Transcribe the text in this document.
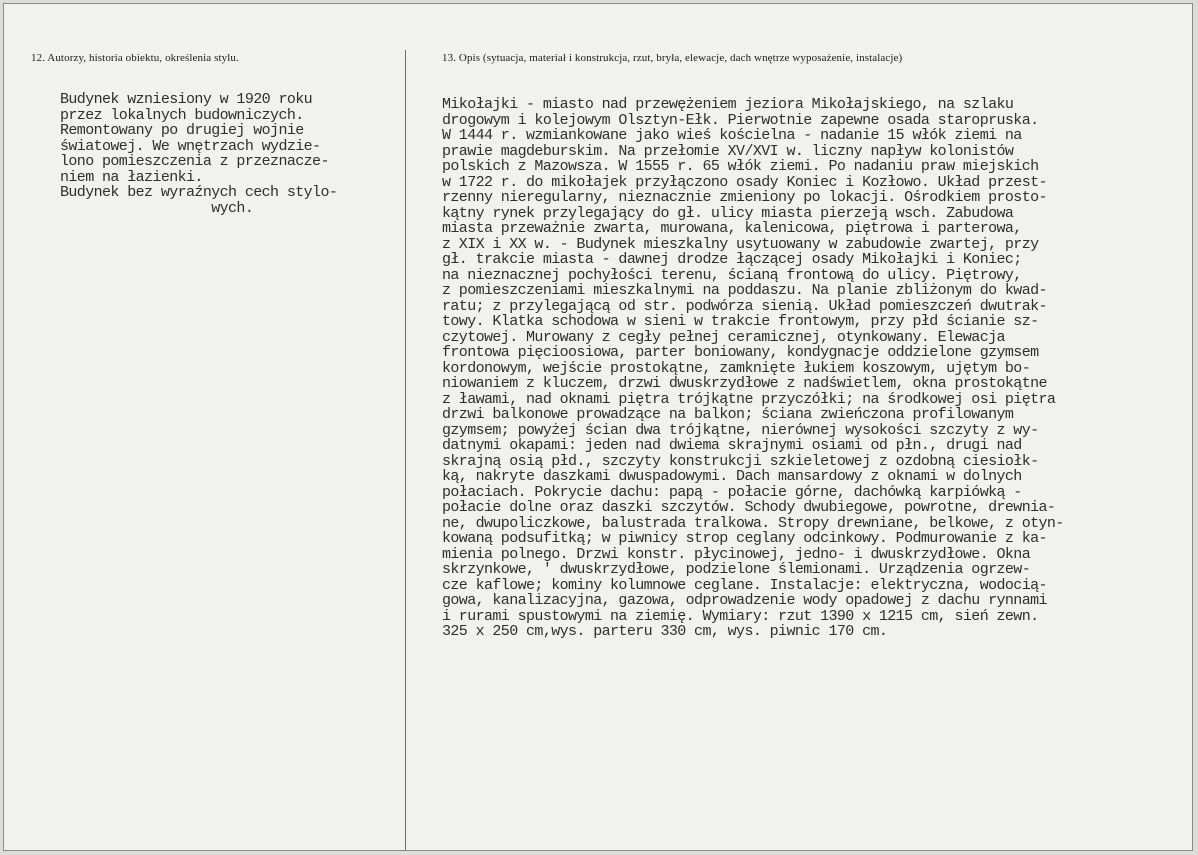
12. Autorzy, historia obiektu, określenia stylu.	13. Opis (sytuacja, materiał i konstrukcja, rzut, bryła, elewacje, dach wnętrze wyposażenie, instalacje)
Budynek wzniesiony w 1920 roku
przez lokalnych budowniczych.
Remontowany po drugiej wojnie
światowej. We wnętrzach wydzie-
lono pomieszczenia z przeznacze-
niem na łazienki.
Budynek bez wyraźnych cech stylo-
wych.
Mikołajki - miasto nad przewężeniem jeziora Mikołajskiego, na szlaku
drogowym i kolejowym Olsztyn-Ełk. Pierwotnie zapewne osada staropruska.
W 1444 r. wzmiankowane jako wieś kościelna - nadanie 15 włók ziemi na
prawie magdeburskim. Na przełomie XV/XVI w. liczny napływ kolonistów
polskich z Mazowsza. W 1555 r. 65 włók ziemi. Po nadaniu praw miejskich
w 1722 r. do mikołajek przyłączono osady Koniec i Kozłowo. Układ przest-
rzenny nieregularny, nieznacznie zmieniony po lokacji. Ośrodkiem prosto-
kątny rynek przylegający do gł. ulicy miasta pierzeją wsch. Zabudowa
miasta przeważnie zwarta, murowana, kalenicowa, piętrowa i parterowa,
z XIX i XX w. - Budynek mieszkalny usytuowany w zabudowie zwartej, przy
gł. trakcie miasta - dawnej drodze łączącej osady Mikołajki i Koniec;
na nieznacznej pochyłości terenu, ścianą frontową do ulicy. Piętrowy,
z pomieszczeniami mieszkalnymi na poddaszu. Na planie zbliżonym do kwad-
ratu; z przylegającą od str. podwórza sienią. Układ pomieszczeń dwutrak-
towy. Klatka schodowa w sieni w trakcie frontowym, przy płd ścianie sz-
czytowej. Murowany z cegły pełnej ceramicznej, otynkowany. Elewacja
frontowa pięcioosiowa, parter boniowany, kondygnacje oddzielone gzymsem
kordonowym, wejście prostokątne, zamknięte łukiem koszowym, ujętym bo-
niowaniem z kluczem, drzwi dwuskrzydłowe z nadświetlem, okna prostokątne
z ławami, nad oknami piętra trójkątne przyczółki; na środkowej osi piętra
drzwi balkonowe prowadzące na balkon; ściana zwieńczona profilowanym
gzymsem; powyżej ścian dwa trójkątne, nierównej wysokości szczyty z wy-
datnymi okapami: jeden nad dwiema skrajnymi osiami od płn., drugi nad
skrajną osią płd., szczyty konstrukcji szkieletowej z ozdobną ciesiołk-
ką, nakryte daszkami dwuspadowymi. Dach mansardowy z oknami w dolnych
połaciach. Pokrycie dachu: papą - połacie górne, dachówką karpiówką -
połacie dolne oraz daszki szczytów. Schody dwubiegowe, powrotne, drewnia-
ne, dwupoliczkowe, balustrada tralkowa. Stropy drewniane, belkowe, z otyn-
kowaną podsufitką; w piwnicy strop ceglany odcinkowy. Podmurowanie z ka-
mienia polnego. Drzwi konstr. płycinowej, jedno- i dwuskrzydłowe. Okna
skrzynkowe, ' dwuskrzydłowe, podzielone ślemionami. Urządzenia ogrzew-
cze kaflowe; kominy kolumnowe ceglane. Instalacje: elektryczna, wodocią-
gowa, kanalizacyjna, gazowa, odprowadzenie wody opadowej z dachu rynnami
i rurami spustowymi na ziemię. Wymiary: rzut 1390 x 1215 cm, sień zewn.
325 x 250 cm,wys. parteru 330 cm, wys. piwnic 170 cm.
